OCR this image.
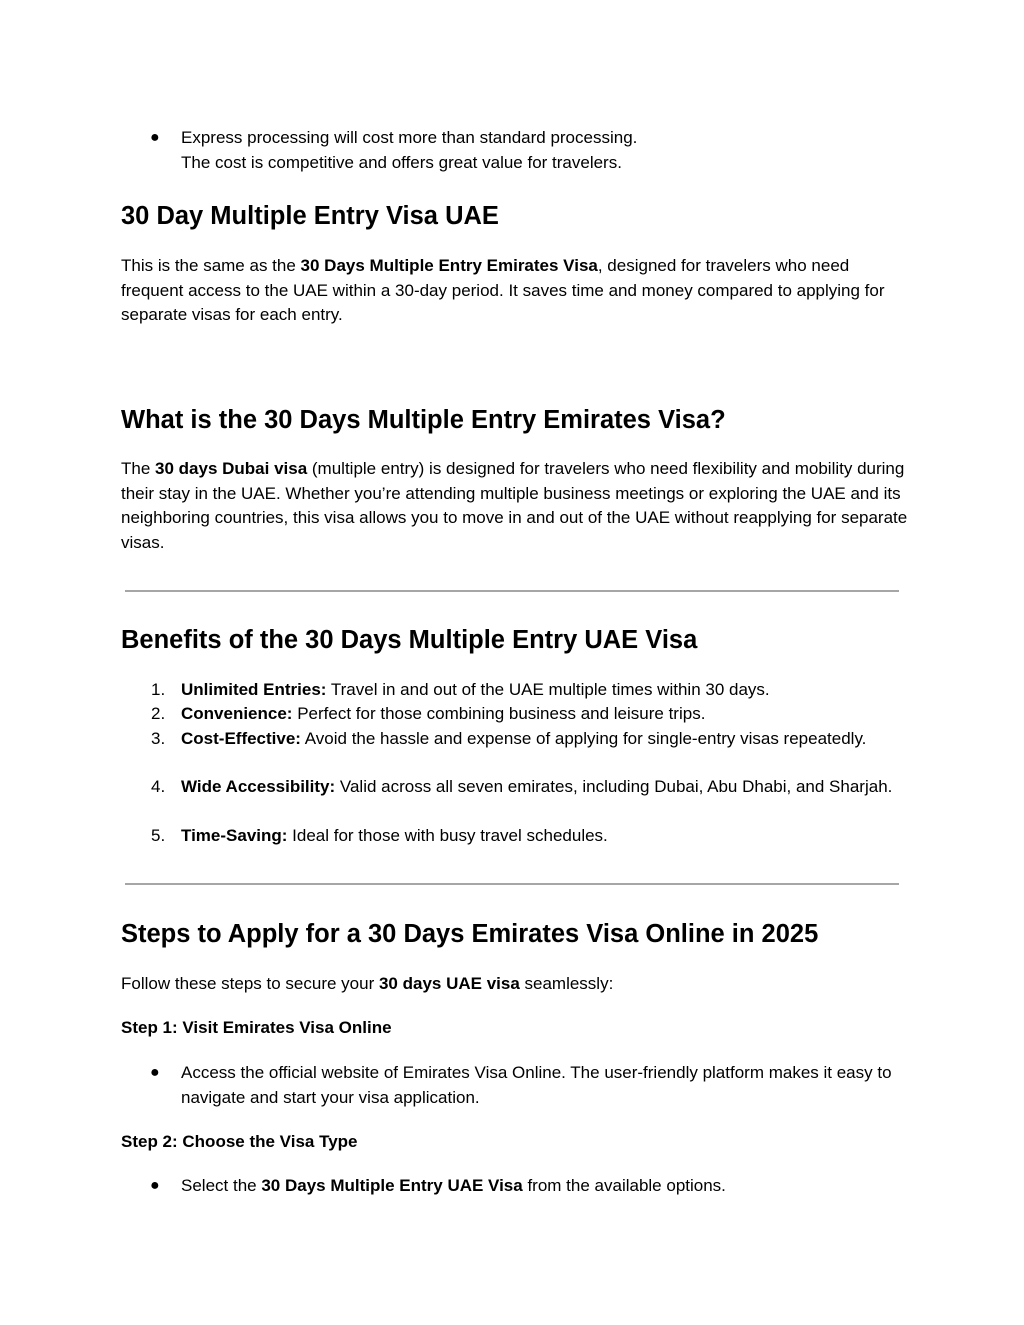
● Express processing will cost more than standard processing.
The cost is competitive and offers great value for travelers.
30 Day Multiple Entry Visa UAE

This is the same as the 30 Days Multiple Entry Emirates Visa, designed for travelers who need frequent access to the UAE within a 30-day period. It saves time and money compared to applying for separate visas for each entry.

What is the 30 Days Multiple Entry Emirates Visa?

The 30 days Dubai visa (multiple entry) is designed for travelers who need flexibility and mobility during their stay in the UAE. Whether you’re attending multiple business meetings or exploring the UAE and its neighboring countries, this visa allows you to move in and out of the UAE without reapplying for separate visas.

Benefits of the 30 Days Multiple Entry UAE Visa
1. Unlimited Entries: Travel in and out of the UAE multiple times within 30 days.
2. Convenience: Perfect for those combining business and leisure trips.
3. Cost-Effective: Avoid the hassle and expense of applying for single-entry visas repeatedly.
4. Wide Accessibility: Valid across all seven emirates, including Dubai, Abu Dhabi, and Sharjah.
5. Time-Saving: Ideal for those with busy travel schedules.
Steps to Apply for a 30 Days Emirates Visa Online in 2025

Follow these steps to secure your 30 days UAE visa seamlessly:

Step 1: Visit Emirates Visa Online
● Access the official website of Emirates Visa Online. The user-friendly platform makes it easy to navigate and start your visa application.
Step 2: Choose the Visa Type
● Select the 30 Days Multiple Entry UAE Visa from the available options.
